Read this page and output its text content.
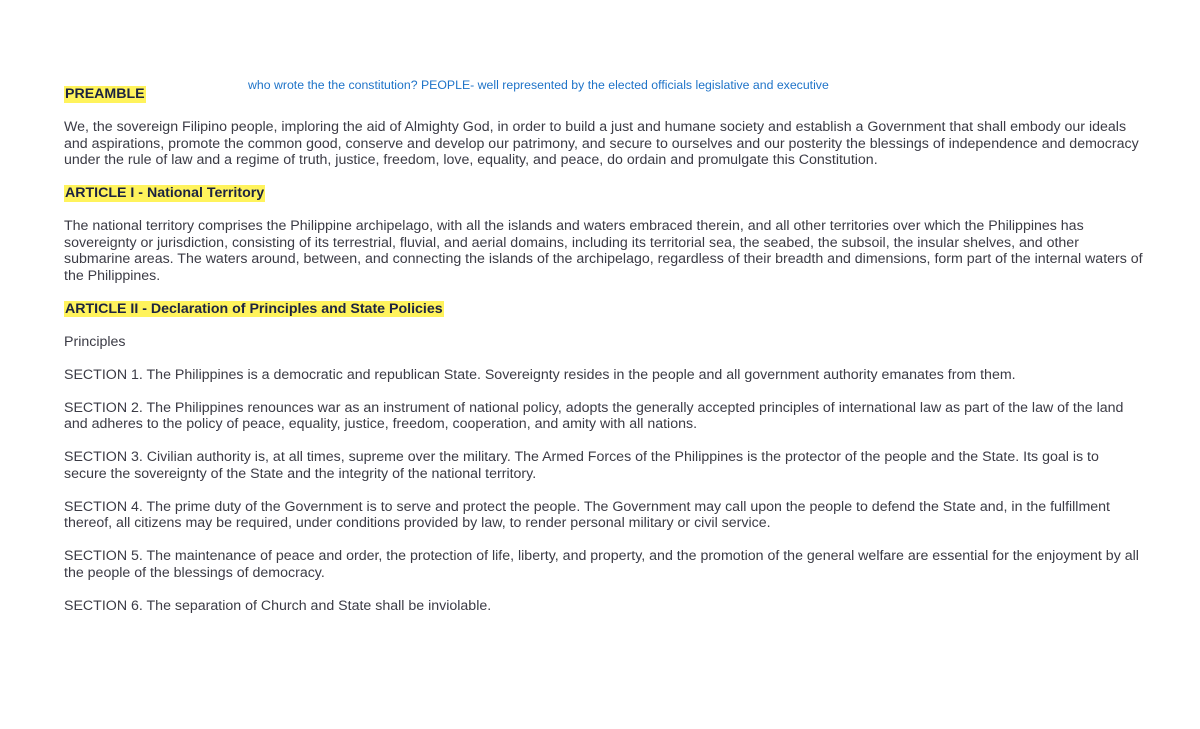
who wrote the the constitution? PEOPLE- well represented by the elected officials legislative and executive

PREAMBLE

We, the sovereign Filipino people, imploring the aid of Almighty God, in order to build a just and humane society and establish a Government that shall embody our ideals and aspirations, promote the common good, conserve and develop our patrimony, and secure to ourselves and our posterity the blessings of independence and democracy under the rule of law and a regime of truth, justice, freedom, love, equality, and peace, do ordain and promulgate this Constitution.

ARTICLE I - National Territory

The national territory comprises the Philippine archipelago, with all the islands and waters embraced therein, and all other territories over which the Philippines has sovereignty or jurisdiction, consisting of its terrestrial, fluvial, and aerial domains, including its territorial sea, the seabed, the subsoil, the insular shelves, and other submarine areas. The waters around, between, and connecting the islands of the archipelago, regardless of their breadth and dimensions, form part of the internal waters of the Philippines.

ARTICLE II - Declaration of Principles and State Policies

Principles

SECTION 1. The Philippines is a democratic and republican State. Sovereignty resides in the people and all government authority emanates from them.

SECTION 2. The Philippines renounces war as an instrument of national policy, adopts the generally accepted principles of international law as part of the law of the land and adheres to the policy of peace, equality, justice, freedom, cooperation, and amity with all nations.

SECTION 3. Civilian authority is, at all times, supreme over the military. The Armed Forces of the Philippines is the protector of the people and the State. Its goal is to secure the sovereignty of the State and the integrity of the national territory.

SECTION 4. The prime duty of the Government is to serve and protect the people. The Government may call upon the people to defend the State and, in the fulfillment thereof, all citizens may be required, under conditions provided by law, to render personal military or civil service.

SECTION 5. The maintenance of peace and order, the protection of life, liberty, and property, and the promotion of the general welfare are essential for the enjoyment by all the people of the blessings of democracy.

SECTION 6. The separation of Church and State shall be inviolable.
